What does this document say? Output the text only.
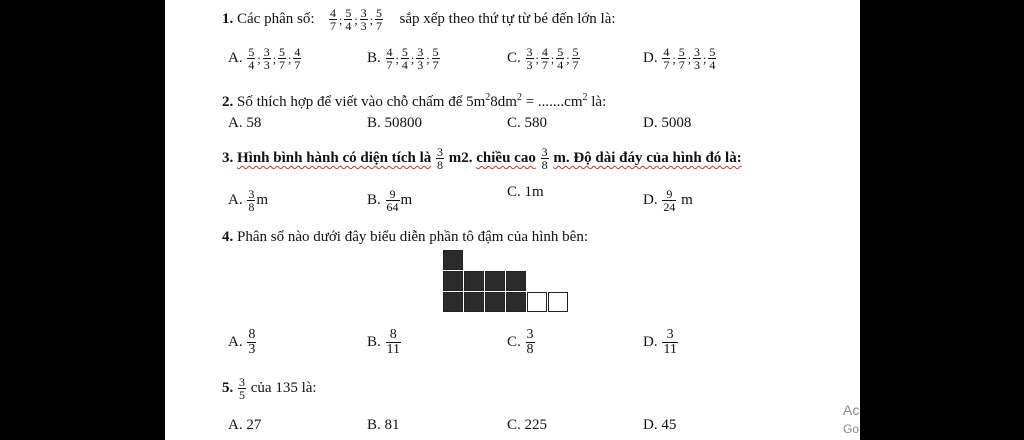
1. Các phân số: $\frac{4}{7}$ ; $\frac{5}{4}$ ; $\frac{3}{3}$ ; $\frac{5}{7}$ sắp xếp theo thứ tự từ bé đến lớn là:
A. $\frac{5}{4}$ ; $\frac{3}{3}$ ; $\frac{5}{7}$ ; $\frac{4}{7}$	B. $\frac{4}{7}$ ; $\frac{5}{4}$ ; $\frac{3}{3}$ ; $\frac{5}{7}$	C. $\frac{3}{3}$ ; $\frac{4}{7}$ ; $\frac{5}{4}$ ; $\frac{5}{7}$	D. $\frac{4}{7}$ ; $\frac{5}{7}$ ; $\frac{3}{3}$ ; $\frac{5}{4}$
2. Số thích hợp để viết vào chỗ chấm để $5m^28dm^2 = .......cm^2$ là:
A. 58	B. 50800	C. 580	D. 5008
3. Hình bình hành có diện tích là $\frac{3}{8} m2$. chiều cao $\frac{3}{8} m$. Độ dài đáy của hình đó là:
A. $\frac{3}{8}$ m	B. $\frac{9}{64}$ m	C. 1m	D. $\frac{9}{24}$ m
4. Phân số nào dưới đây biểu diễn phần tô đậm của hình bên:
A. $\frac{8}{3}$	B. $\frac{8}{11}$	C. $\frac{3}{8}$	D. $\frac{3}{11}$
5. $\frac{3}{5}$ của 135 là:
A. 27	B. 81	C. 225	D. 45
Ac
Go
